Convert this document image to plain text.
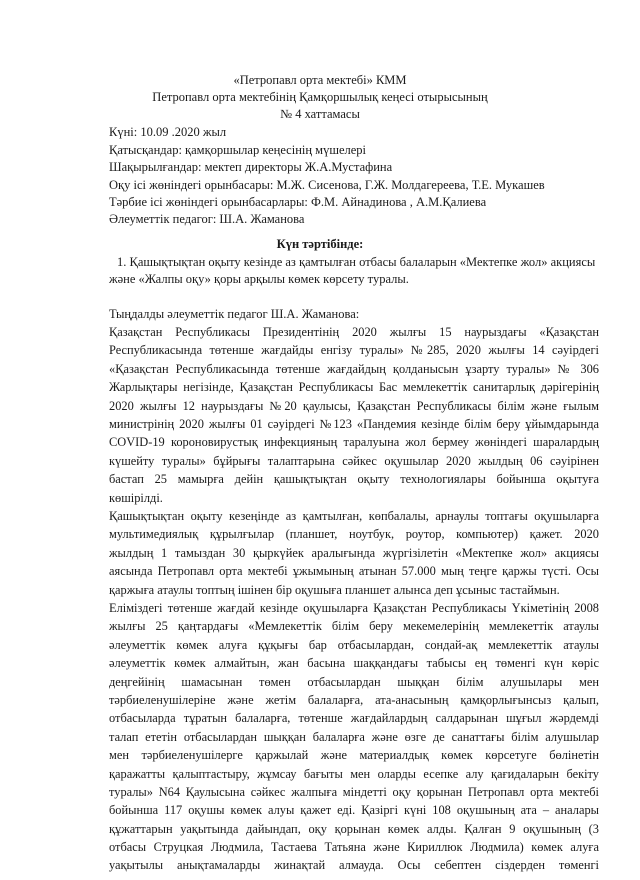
«Петропавл орта мектебі» КММ
Петропавл орта мектебінің Қамқоршылық кеңесі отырысының
№ 4 хаттамасы
Күні: 10.09 .2020 жыл
Қатысқандар: қамқоршылар кеңесінің мүшелері
Шақырылғандар: мектеп директоры Ж.А.Мустафина
Оқу ісі жөніндегі орынбасары: М.Ж. Сисенова, Г.Ж. Молдагереева, Т.Е. Мукашев
Тәрбие ісі жөніндегі орынбасарлары: Ф.М. Айнадинова , А.М.Қалиева
Әлеуметтік педагог: Ш.А. Жаманова
Күн тәртібінде:
1. Қашықтықтан оқыту кезінде аз қамтылған отбасы балаларын «Мектепке жол» акциясы
және «Жалпы оқу» қоры арқылы көмек көрсету туралы.
Тыңдалды әлеуметтік педагог Ш.А. Жаманова:
Қазақстан Республикасы Президентінің 2020 жылғы 15 наурыздағы «Қазақстан
Республикасында төтенше жағдайды енгізу туралы» №285, 2020 жылғы 14 сәуірдегі
«Қазақстан Республикасында төтенше жағдайдың қолданысын ұзарту туралы» № 306
Жарлықтары негізінде, Қазақстан Республикасы Бас мемлекеттік санитарлық дәрігерінің
2020 жылғы 12 наурыздағы №20 қаулысы, Қазақстан Республикасы білім және ғылым
министрінің 2020 жылғы 01 сәуірдегі №123 «Пандемия кезінде білім беру ұйымдарында
COVID-19 короновирустық инфекцияның таралуына жол бермеу жөніндегі шаралардың
күшейту туралы» бұйрығы талаптарына сәйкес оқушылар 2020 жылдың 06 сәуірінен
бастап 25 мамырға дейін қашықтықтан оқыту технологиялары бойынша оқытуға
көшірілді.
Қашықтықтан оқыту кезеңінде аз қамтылған, көпбалалы, арнаулы топтағы оқушыларға
мультимедиялық құрылғылар (планшет, ноутбук, роутор, компьютер) қажет. 2020
жылдың 1 тамыздан 30 қыркүйек аралығында жүргізілетін «Мектепке жол» акциясы
аясында Петропавл орта мектебі ұжымының атынан 57.000 мың теңге қаржы түсті. Осы
қаржыға атаулы топтың ішінен бір оқушыға планшет алынса деп ұсыныс тастаймын.
Еліміздегі төтенше жағдай кезінде оқушыларға Қазақстан Республикасы Үкіметінің 2008
жылғы 25 қаңтардағы «Мемлекеттік білім беру мекемелерінің мемлекеттік атаулы
әлеуметтік көмек алуға құқығы бар отбасылардан, сондай-ақ мемлекеттік атаулы
әлеуметтік көмек алмайтын, жан басына шаққандағы табысы ең төменгі күн көріс
деңгейінің шамасынан төмен отбасылардан шыққан білім алушылары мен
тәрбиеленушілеріне және жетім балаларға, ата-анасының қамқорлығынсыз қалып,
отбасыларда тұратын балаларға, төтенше жағдайлардың салдарынан шұғыл жәрдемді
талап ететін отбасылардан шыққан балаларға және өзге де санаттағы білім алушылар
мен тәрбиеленушілерге қаржылай және материалдық көмек көрсетуге бөлінетін
қаражатты қалыптастыру, жұмсау бағыты мен оларды есепке алу қағидаларын бекіту
туралы» N64 Қаулысына сәйкес жалпыға міндетті оқу қорынан Петропавл орта мектебі
бойынша 117 оқушы көмек алуы қажет еді. Қазіргі күні 108 оқушының ата – аналары
құжаттарын уақытында дайындап, оқу қорынан көмек алды. Қалған 9 оқушының (3
отбасы Струцкая Людмила, Тастаева Татьяна және Кириллюк Людмила) көмек алуға
уақытылы анықтамаларды жинақтай алмауда. Осы себептен сіздерден төменгі
